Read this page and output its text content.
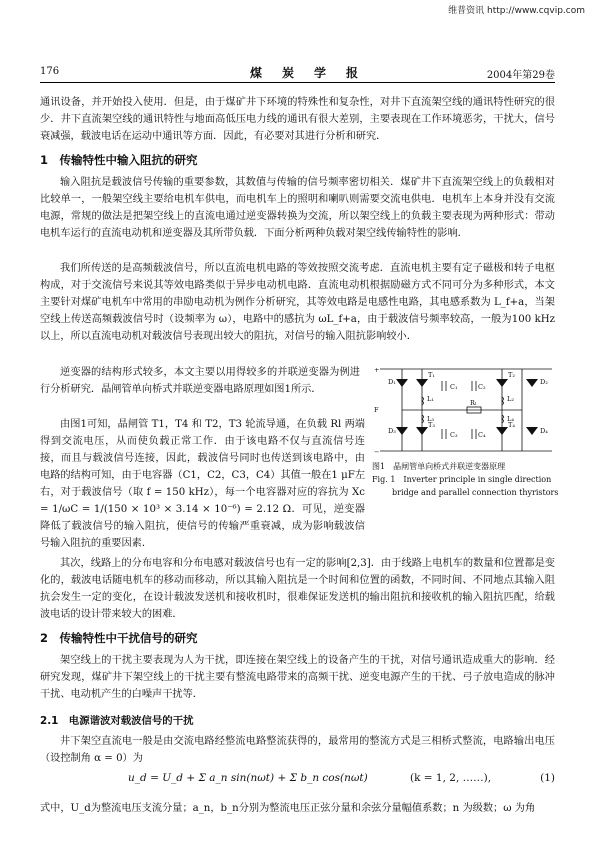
维普资讯 http://www.cqvip.com
176	煤炭学报	2004年第29卷

通讯设备，并开始投入使用．但是，由于煤矿井下环境的特殊性和复杂性，对井下直流架空线的通讯特性研究的很少．井下直流架空线的通讯特性与地面高低压电力线的通讯有很大差别，主要表现在工作环境恶劣，干扰大，信号衰减强，载波电话在运动中通讯等方面．因此，有必要对其进行分析和研究．

1　传输特性中输入阻抗的研究

输入阻抗是载波信号传输的重要参数，其数值与传输的信号频率密切相关．煤矿井下直流架空线上的负载相对比较单一，一般架空线主要给电机车供电，而电机车上的照明和喇叭则需要交流电供电．电机车上本身并没有交流电源，常规的做法是把架空线上的直流电通过逆变器转换为交流，所以架空线上的负载主要表现为两种形式：带动电机车运行的直流电动机和逆变器及其所带负载．下面分析两种负载对架空线传输特性的影响．

我们所传送的是高频载波信号，所以直流电机电路的等效按照交流考虑．直流电机主要有定子磁极和转子电枢构成，对于交流信号来说其等效电路类似于异步电动机电路．直流电动机根据励磁方式不同可分为多种形式，本文主要针对煤矿电机车中常用的串励电动机为例作分析研究，其等效电路是电感性电路，其电感系数为 L_f+a，当架空线上传送高频载波信号时（设频率为 ω），电路中的感抗为 ωL_f+a，由于载波信号频率较高，一般为100 kHz以上，所以直流电动机对载波信号表现出较大的阻抗，对信号的输入阻抗影响较小．

逆变器的结构形式较多，本文主要以用得较多的并联逆变器为例进行分析研究．晶闸管单向桥式并联逆变器电路原理如图1所示．

由图1可知，晶闸管 T1，T4 和 T2，T3 轮流导通，在负载 Rl 两端得到交流电压，从而使负载正常工作．由于该电路不仅与直流信号连接，而且与载波信号连接，因此，载波信号同时也传送到该电路中，由电路的结构可知，由于电容器（C1，C2，C3，C4）其值一般在1 μF左右，对于载波信号（取 f = 150 kHz），每一个电容器对应的容抗为 Xc = 1/ωC = 1/(150 × 10³ × 3.14 × 10⁻⁶) = 2.12 Ω．可见，逆变器降低了载波信号的输入阻抗，使信号的传输严重衰减，成为影响载波信号输入阻抗的重要因素．

+
−
F
D₁
T₁
C₁	C₂
T₂
D₂
L₁	L₂
Rₗ
L₃	L₄
D₃
T₃
C₃	C₄
T₄
D₄
图1　晶闸管单向桥式并联逆变器原理
Fig. 1　Inverter principle in single direction
bridge and parallel connection thyristors

其次，线路上的分布电容和分布电感对载波信号也有一定的影响[2,3]．由于线路上电机车的数量和位置都是变化的，载波电话随电机车的移动而移动，所以其输入阻抗是一个时间和位置的函数，不同时间、不同地点其输入阻抗会发生一定的变化，在设计载波发送机和接收机时，很难保证发送机的输出阻抗和接收机的输入阻抗匹配，给载波电话的设计带来较大的困难．

2　传输特性中干扰信号的研究

架空线上的干扰主要表现为人为干扰，即连接在架空线上的设备产生的干扰，对信号通讯造成重大的影响．经研究发现，煤矿井下架空线上的干扰主要有整流电路带来的高频干扰、逆变电源产生的干扰、弓子放电造成的脉冲干扰、电动机产生的白噪声干扰等．

2.1　电源谐波对载波信号的干扰

井下架空直流电一般是由交流电路经整流电路整流获得的，最常用的整流方式是三相桥式整流，电路输出电压（设控制角 α = 0）为

u_d = U_d + Σ a_n sin(nωt) + Σ b_n cos(nωt)	(k = 1, 2, ……),	(1)

式中，U_d为整流电压支流分量；a_n，b_n分别为整流电压正弦分量和余弦分量幅值系数；n 为级数；ω 为角
